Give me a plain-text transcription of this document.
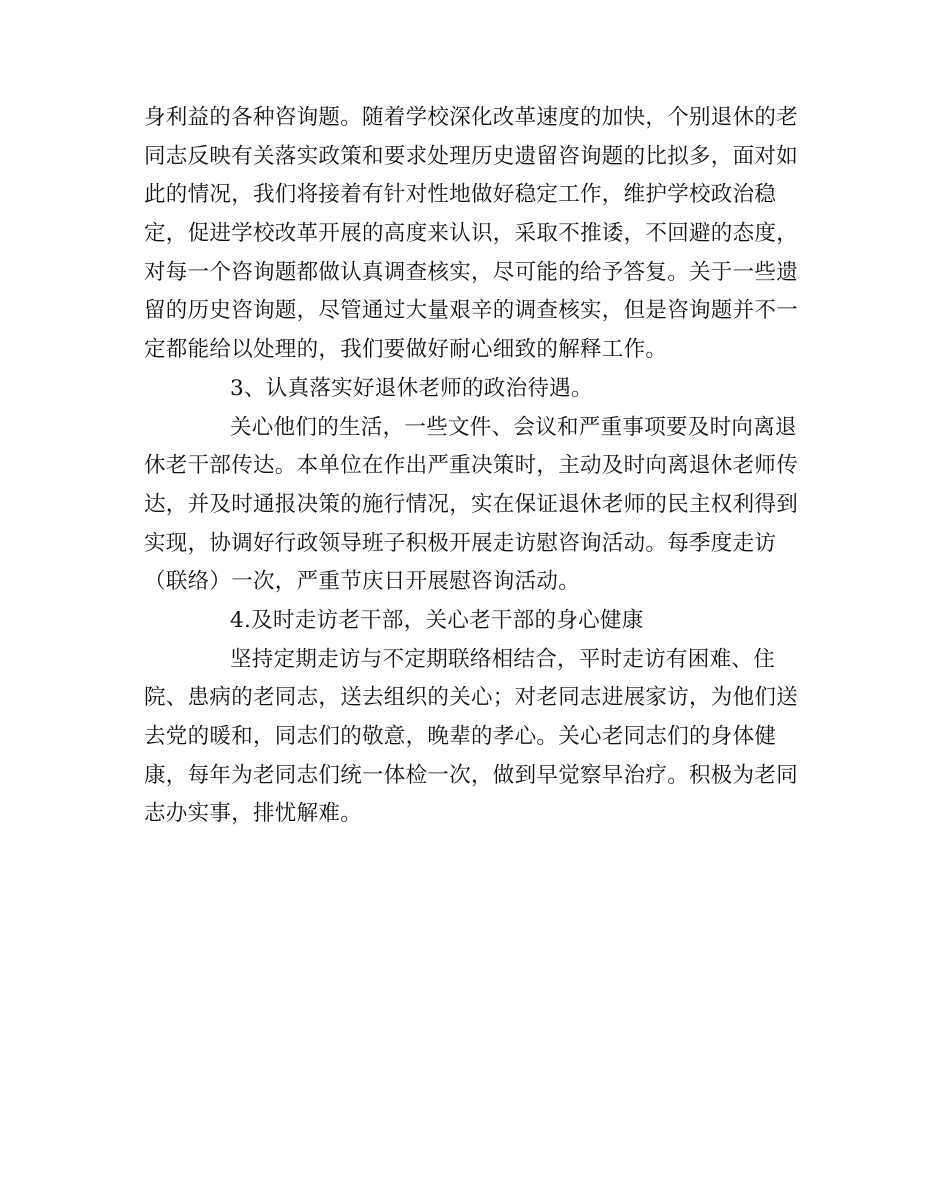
身利益的各种咨询题。随着学校深化改革速度的加快，个别退休的老
同志反映有关落实政策和要求处理历史遗留咨询题的比拟多，面对如
此的情况，我们将接着有针对性地做好稳定工作，维护学校政治稳
定，促进学校改革开展的高度来认识，采取不推诿，不回避的态度，
对每一个咨询题都做认真调查核实，尽可能的给予答复。关于一些遗
留的历史咨询题，尽管通过大量艰辛的调查核实，但是咨询题并不一
定都能给以处理的，我们要做好耐心细致的解释工作。
3、认真落实好退休老师的政治待遇。
关心他们的生活，一些文件、会议和严重事项要及时向离退
休老干部传达。本单位在作出严重决策时，主动及时向离退休老师传
达，并及时通报决策的施行情况，实在保证退休老师的民主权利得到
实现，协调好行政领导班子积极开展走访慰咨询活动。每季度走访
（联络）一次，严重节庆日开展慰咨询活动。
4.及时走访老干部，关心老干部的身心健康
坚持定期走访与不定期联络相结合，平时走访有困难、住
院、患病的老同志，送去组织的关心；对老同志进展家访，为他们送
去党的暖和，同志们的敬意，晚辈的孝心。关心老同志们的身体健
康，每年为老同志们统一体检一次，做到早觉察早治疗。积极为老同
志办实事，排忧解难。
